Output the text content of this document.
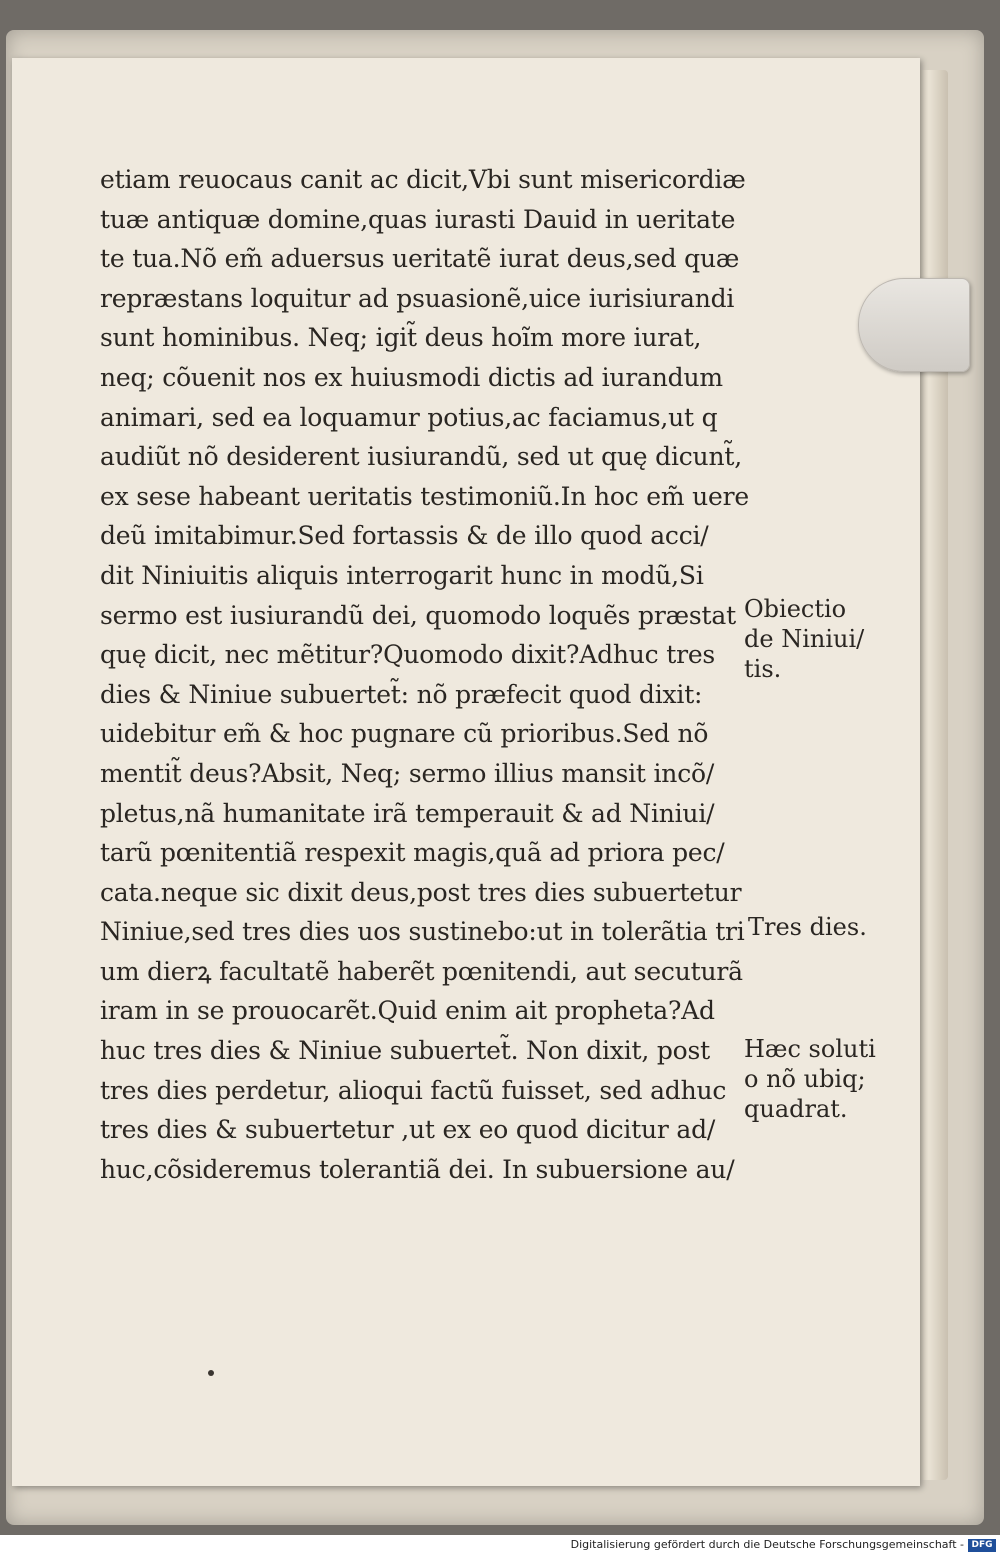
etiam reuocaus canit ac dicit,Vbi sunt misericordiæ
tuæ antiquæ domine,quas iurasti Dauid in ueritate
te tua.Nõ em̃ aduersus ueritatẽ iurat deus,sed quæ
repræstans loquitur ad psuasionẽ,uice iurisiurandi
sunt hominibus. Neq; igit̃ deus hoĩm more iurat,
neq; cõuenit nos ex huiusmodi dictis ad iurandum
animari, sed ea loquamur potius,ac faciamus,ut q
audiũt nõ desiderent iusiurandũ, sed ut quę dicunt̃,
ex sese habeant ueritatis testimoniũ.In hoc em̃ uere
deũ imitabimur.Sed fortassis & de illo quod acci/
dit Niniuitis aliquis interrogarit hunc in modũ,Si
sermo est iusiurandũ dei, quomodo loquẽs præstat
quę dicit, nec mẽtitur?Quomodo dixit?Adhuc tres
dies & Niniue subuertet̃: nõ præfecit quod dixit:
uidebitur em̃ & hoc pugnare cũ prioribus.Sed nõ
mentit̃ deus?Absit, Neq; sermo illius mansit incõ/
pletus,nã humanitate irã temperauit & ad Niniui/
tarũ pœnitentiã respexit magis,quã ad priora pec/
cata.neque sic dixit deus,post tres dies subuertetur
Niniue,sed tres dies uos sustinebo:ut in tolerãtia tri
um dierꝝ facultatẽ haberẽt pœnitendi, aut secuturã
iram in se prouocarẽt.Quid enim ait propheta?Ad
huc tres dies & Niniue subuertet̃. Non dixit, post
tres dies perdetur, alioqui factũ fuisset, sed adhuc
tres dies & subuertetur ,ut ex eo quod dicitur ad/
huc,cõsideremus tolerantiã dei. In subuersione au/
Obiectio
de Niniui/
tis.
Tres dies.
Hæc soluti
o nõ ubiq;
quadrat.
Digitalisierung gefördert durch die Deutsche Forschungsgemeinschaft - DFG
